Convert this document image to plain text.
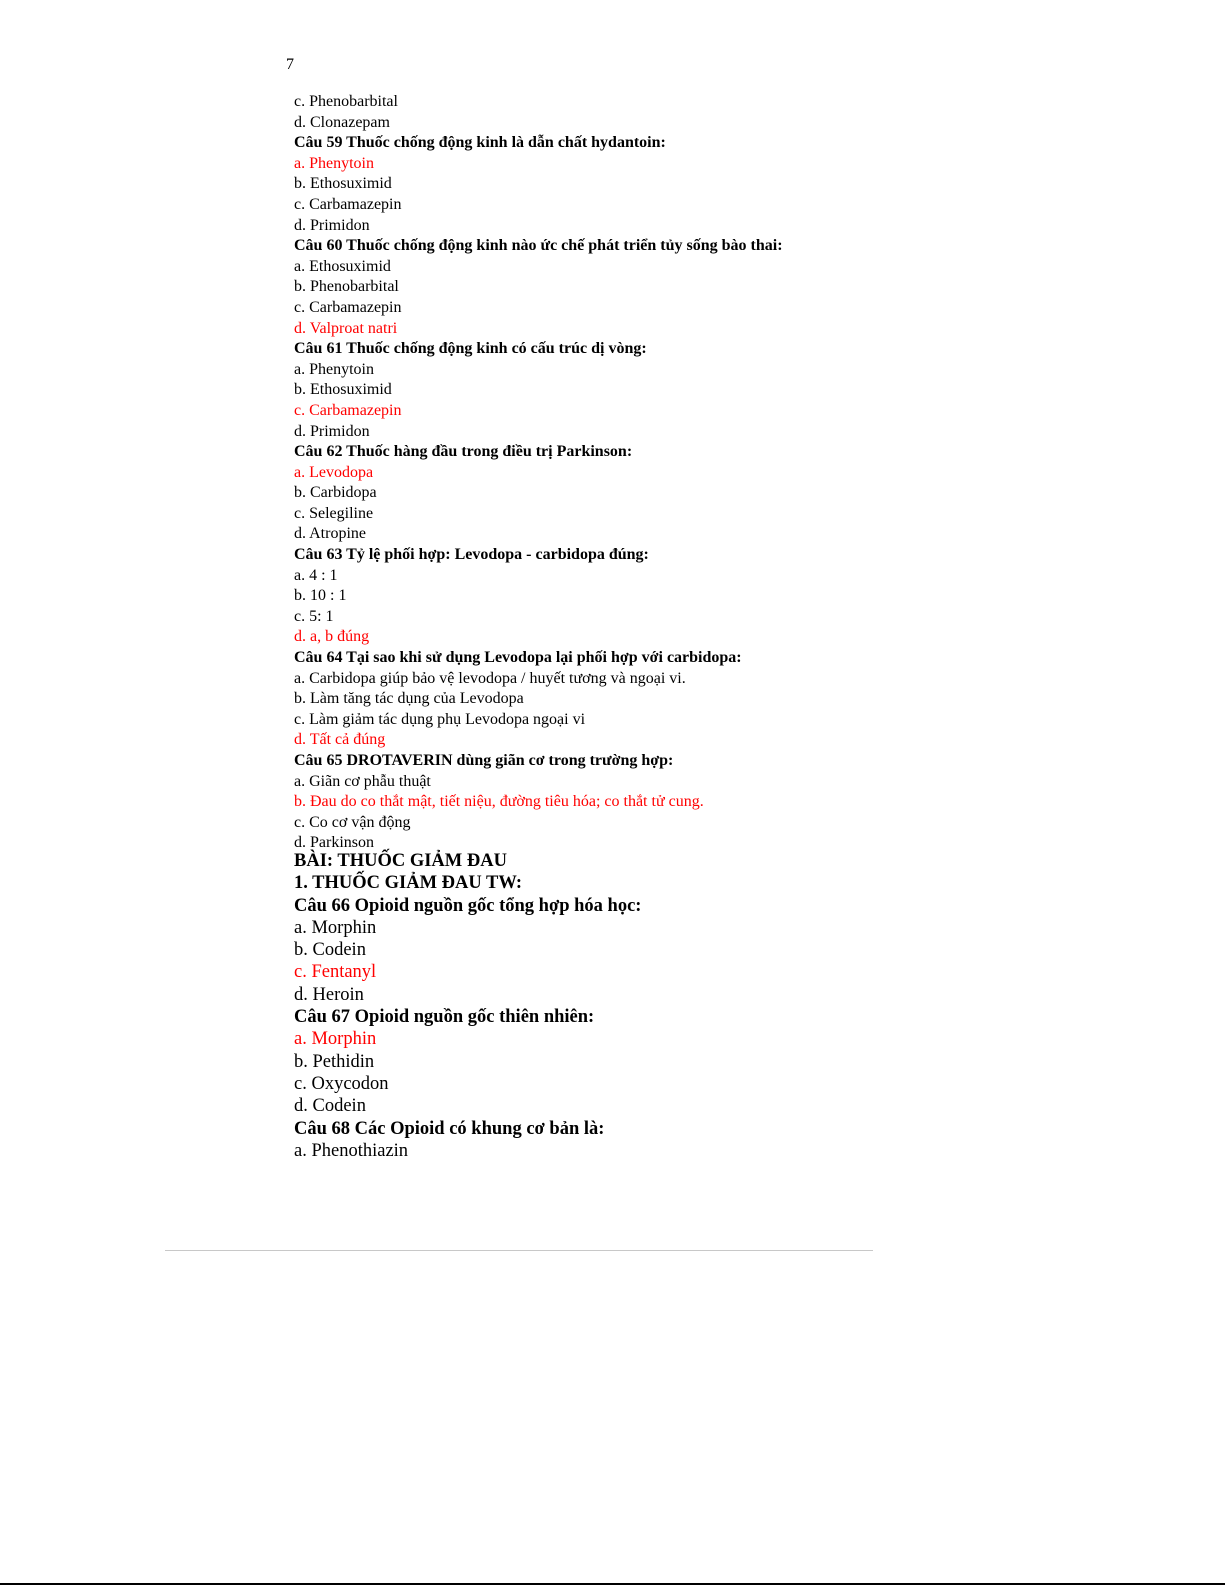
7
c. Phenobarbital
d. Clonazepam
Câu 59 Thuốc chống động kinh là dẫn chất hydantoin:
a. Phenytoin
b. Ethosuximid
c. Carbamazepin
d. Primidon
Câu 60 Thuốc chống động kinh nào ức chế phát triển tủy sống bào thai:
a. Ethosuximid
b. Phenobarbital
c. Carbamazepin
d. Valproat natri
Câu 61 Thuốc chống động kinh có cấu trúc dị vòng:
a. Phenytoin
b. Ethosuximid
c. Carbamazepin
d. Primidon
Câu 62 Thuốc hàng đầu trong điều trị Parkinson:
a. Levodopa
b. Carbidopa
c. Selegiline
d. Atropine
Câu 63 Tỷ lệ phối hợp: Levodopa - carbidopa đúng:
a. 4 : 1
b. 10 : 1
c. 5: 1
d. a, b đúng
Câu 64 Tại sao khi sử dụng Levodopa lại phối hợp với carbidopa:
a. Carbidopa giúp bảo vệ levodopa / huyết tương và ngoại vi.
b. Làm tăng tác dụng của Levodopa
c. Làm giảm tác dụng phụ Levodopa ngoại vi
d. Tất cả đúng
Câu 65 DROTAVERIN dùng giãn cơ trong trường hợp:
a. Giãn cơ phẫu thuật
b. Đau do co thắt mật, tiết niệu, đường tiêu hóa; co thắt tử cung.
c. Co cơ vận động
d. Parkinson
BÀI: THUỐC GIẢM ĐAU
1. THUỐC GIẢM ĐAU TW:
Câu 66 Opioid nguồn gốc tổng hợp hóa học:
a. Morphin
b. Codein
c. Fentanyl
d. Heroin
Câu 67 Opioid nguồn gốc thiên nhiên:
a. Morphin
b. Pethidin
c. Oxycodon
d. Codein
Câu 68 Các Opioid có khung cơ bản là:
a. Phenothiazin
